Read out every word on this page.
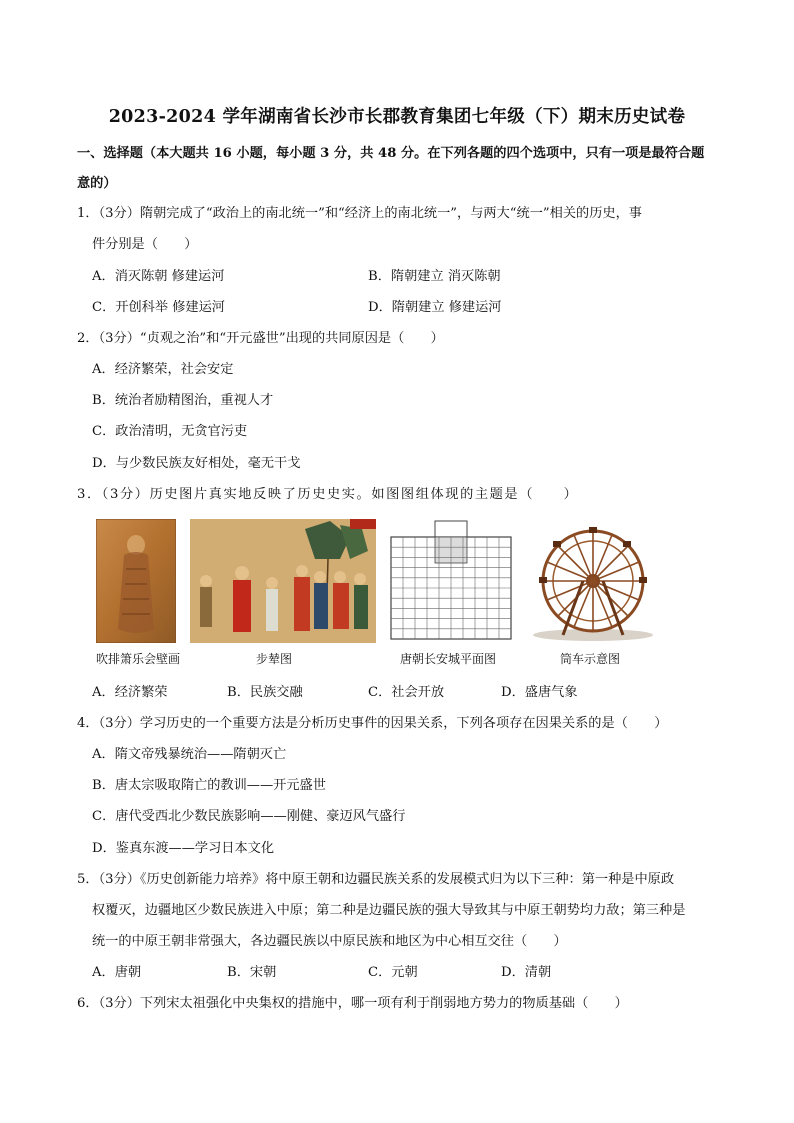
2023-2024 学年湖南省长沙市长郡教育集团七年级（下）期末历史试卷
一、选择题（本大题共 16 小题，每小题 3 分，共 48 分。在下列各题的四个选项中，只有一项是最符合题
意的）
1．（3分）隋朝完成了“政治上的南北统一”和“经济上的南北统一”，与两大“统一”相关的历史，事
件分别是（　　）
A．消灭陈朝 修建运河	B．隋朝建立 消灭陈朝
C．开创科举 修建运河	D．隋朝建立 修建运河
2．（3分）“贞观之治”和“开元盛世”出现的共同原因是（　　）
A．经济繁荣，社会安定
B．统治者励精图治，重视人才
C．政治清明，无贪官污吏
D．与少数民族友好相处，毫无干戈
3．（3分）历史图片真实地反映了历史史实。如图图组体现的主题是（　　）
吹排箫乐会壁画	步辇图	唐朝长安城平面图	筒车示意图
A．经济繁荣	B．民族交融	C．社会开放	D．盛唐气象
4．（3分）学习历史的一个重要方法是分析历史事件的因果关系，下列各项存在因果关系的是（　　）
A．隋文帝残暴统治——隋朝灭亡
B．唐太宗吸取隋亡的教训——开元盛世
C．唐代受西北少数民族影响——刚健、豪迈风气盛行
D．鉴真东渡——学习日本文化
5．（3分）《历史创新能力培养》将中原王朝和边疆民族关系的发展模式归为以下三种：第一种是中原政
权覆灭，边疆地区少数民族进入中原；第二种是边疆民族的强大导致其与中原王朝势均力敌；第三种是
统一的中原王朝非常强大，各边疆民族以中原民族和地区为中心相互交往（　　）
A．唐朝	B．宋朝	C．元朝	D．清朝
6．（3分）下列宋太祖强化中央集权的措施中，哪一项有利于削弱地方势力的物质基础（　　）
